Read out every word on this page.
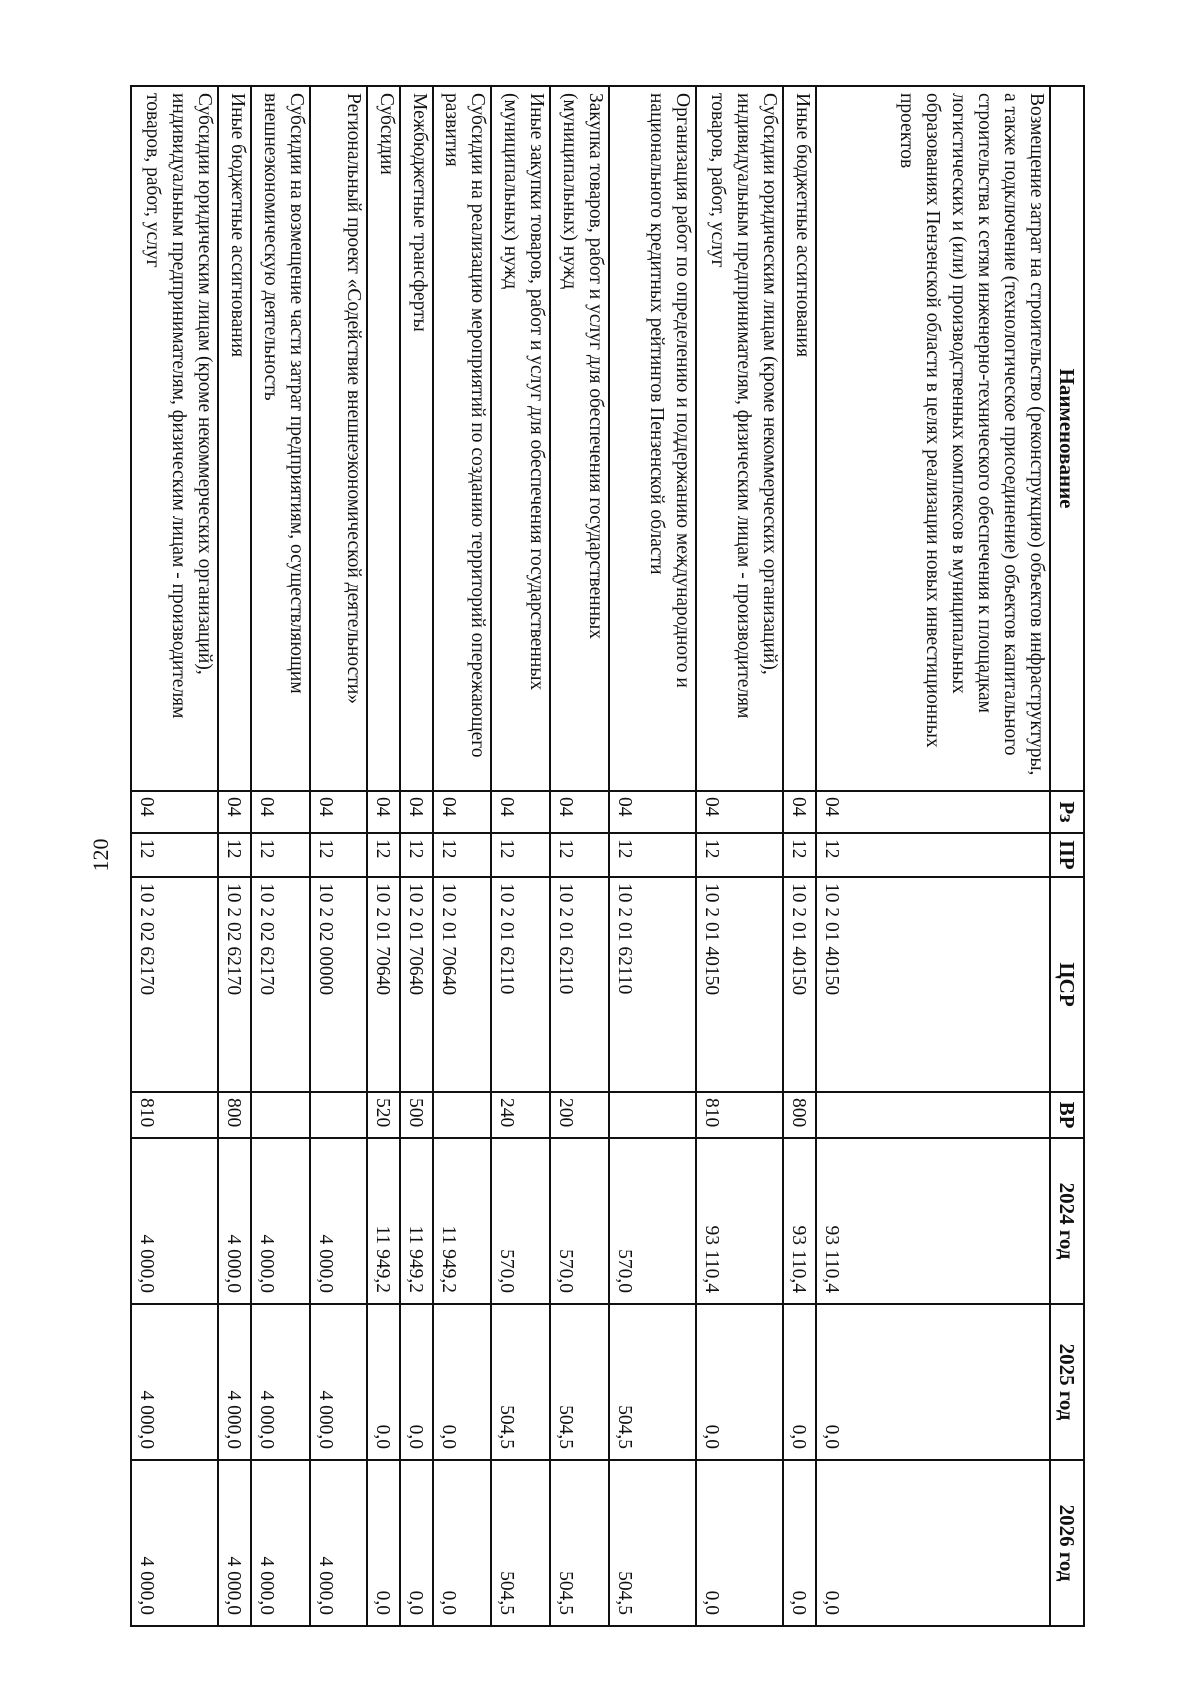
120
Наименование	Рз	ПР	ЦСР	ВР	2024 год	2025 год	2026 год
Возмещение затрат на строительство (реконструкцию) объектов инфраструктуры, а также подключение (технологическое присоединение) объектов капитального строительства к сетям инженерно-технического обеспечения к площадкам логистических и (или) производственных комплексов в муниципальных образованиях Пензенской области в целях реализации новых инвестиционных проектов	04	12	10 2 01 40150		93 110,4	0,0	0,0
Иные бюджетные ассигнования	04	12	10 2 01 40150	800	93 110,4	0,0	0,0
Субсидии юридическим лицам (кроме некоммерческих организаций), индивидуальным предпринимателям, физическим лицам - производителям товаров, работ, услуг	04	12	10 2 01 40150	810	93 110,4	0,0	0,0
Организация работ по определению и поддержанию международного и национального кредитных рейтингов Пензенской области	04	12	10 2 01 62110		570,0	504,5	504,5
Закупка товаров, работ и услуг для обеспечения государственных (муниципальных) нужд	04	12	10 2 01 62110	200	570,0	504,5	504,5
Иные закупки товаров, работ и услуг для обеспечения государственных (муниципальных) нужд	04	12	10 2 01 62110	240	570,0	504,5	504,5
Субсидии на реализацию мероприятий по созданию территорий опережающего развития	04	12	10 2 01 70640		11 949,2	0,0	0,0
Межбюджетные трансферты	04	12	10 2 01 70640	500	11 949,2	0,0	0,0
Субсидии	04	12	10 2 01 70640	520	11 949,2	0,0	0,0
Региональный проект «Содействие внешнеэкономической деятельности»	04	12	10 2 02 00000		4 000,0	4 000,0	4 000,0
Субсидии на возмещение части затрат предприятиям, осуществляющим внешнеэкономическую деятельность	04	12	10 2 02 62170		4 000,0	4 000,0	4 000,0
Иные бюджетные ассигнования	04	12	10 2 02 62170	800	4 000,0	4 000,0	4 000,0
Субсидии юридическим лицам (кроме некоммерческих организаций), индивидуальным предпринимателям, физическим лицам - производителям товаров, работ, услуг	04	12	10 2 02 62170	810	4 000,0	4 000,0	4 000,0
